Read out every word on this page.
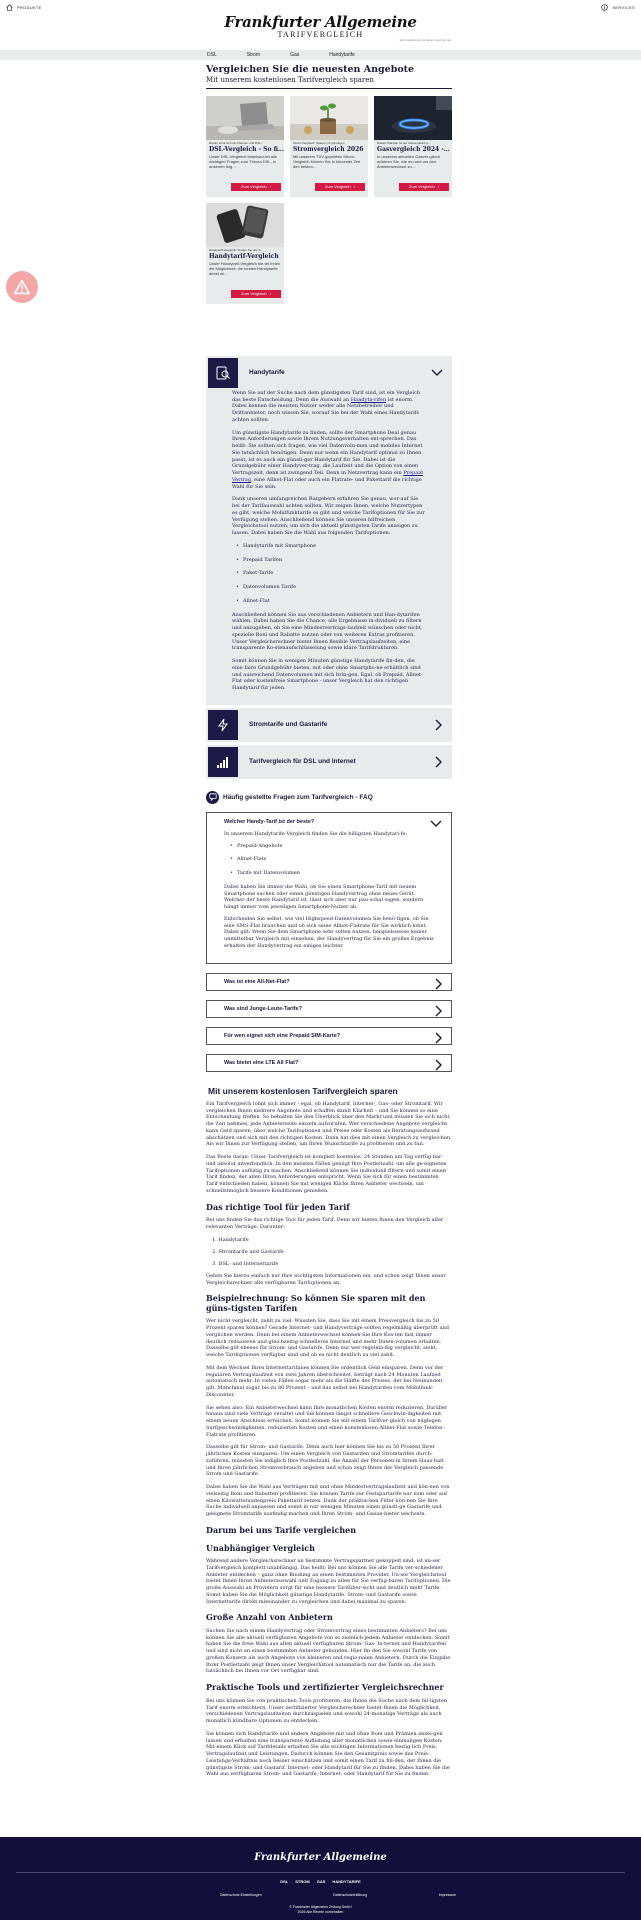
PRODUKTE
Frankfurter Allgemeine
TARIFVERGLEICH
Ein Angebot des Verlages www.faz.net
SERVICES
DSL	Strom	Gas	Handytarife
Vergleichen Sie die neuesten Angebote
Mit unserem kostenlosen Tarifvergleich sparen
Darum lohnt sich ein Internet- und DSL-
DSL-Vergleich - So fi…
Unser DSL-Vergleich beantwor-tet alle wichtigen Fragen zum Thema DSL, in unserem folg…
Zum Vergleich ›
Strom-Vergleich: Sparen mit günstigen
Stromvergleich 2026
Mit unserem TÜV-geprüften Strom-Vergleich können Sie in kürzester Zeit den besten…
Zum Vergleich ›
Diesen Klarsten Ist der Gasvergleich g…
Gasvergleich 2024 -…
In unserem aktuellen Gasver-gleich erfahren Sie, wie es rund um den Anbieterwechsel zu…
Zum Vergleich ›
Handytarif-Vergleich: Finden Sie den b…
Handytarif-Vergleich
Unser Handytarif-Vergleich bie-tet Ihnen die Möglichkeit, die besten Handytarife direkt mi…
Zum Vergleich ›
Handytarife

Wenn Sie auf der Suche nach dem günstigsten Tarif sind, ist ein Vergleich das beste Entscheidung. Denn die Auswahl an Handyta-rifen ist enorm. Dabei kennen die meisten Nutzer weder alle Netzbetreiber und Drittanbieter, noch wissen Sie, worauf Sie bei der Wahl eines Handytarifs achten sollten.

Um günstigste Handytarife zu finden, sollte der Smartphone Deal genau Ihren Anforderungen sowie Ihrem Nutzungsverhalten ent-sprechen. Das heißt: Sie sollten sich fragen, wie viel Datenvolu-men und mobiles Internet Sie tatsächlich benötigen. Denn nur wenn ein Handytarif optimal zu Ihnen passt, ist es auch ein günsti-ger Handytarif für Sie. Dabei ist die Grundgebühr einer Handyver-trag, die Laufzeit und die Option von einen Vertragszeit, denn ist zwingend Teil. Denn in Netzvertrag kann ein Prepaid Vertrag, eine Allnet-Flat oder auch ein Flatrate- und Pakettarif die richtige Wahl für Sie sein.

Dank unseren umfangreichen Ratgebern erfahren Sie genau, wor-auf Sie bei der Tarifauswahl achten sollten. Wir zeigen Ihnen, welche Nutzertypen es gibt, welche Mobilfunktarife es gibt und welche Tarifoptionen für Sie zur Verfügung stehen. Anschließend können Sie unseren hilfreichen Vergleichstool nutzen, um sich die aktuell günstigsten Tarife anzeigen zu lassen. Dabei haben Sie die Wahl aus folgenden Tarifoptionen:

• Handytarife mit Smartphone
• Prepaid Tarifen
• Paket-Tarife
• Datenvolumen Tarife
• Allnet-Flat

Anschließend können Sie aus verschiedenen Anbietern und Han-dytarifen wählen. Dabei haben Sie die Chance, alle Ergebnisse in-dividuell zu filtern und anzugeben, ob Sie eine Mindestvertrags-laufzeit wünschen oder nicht, spezielle Boni und Rabatte nutzen oder von weiteren Extras profitieren. Unser Vergleichsrechner bietet Ihnen flexible Vertragslaufzeiten, eine transparente Ko-stenaufschlüsselung sowie klare Tarifstrukturen.

Somit können Sie in wenigen Minuten günstige Handytarife fin-den, die eine faire Grundgebühr bieten, mit oder ohne Smartpho-ne erhältlich sind und ausreichend Datenvolumen mit sich brin-gen. Egal, ob Prepaid, Allnet-Flat oder kostenfreie Smartphone - unser Vergleich hat den richtigen Handytarif für jeden.

Stromtarife und Gastarife
Tarifvergleich für DSL und Internet
Häufig gestellte Fragen zum Tarifvergleich - FAQ
Welcher Handy-Tarif ist der beste?

In unserem Handytarife Vergleich finden Sie die billigsten Handytari-fe:

• Prepaid-Angebote
• Allnet-Flats
• Tarife mit Datenvolumen

Dabei haben Sie immer die Wahl, ob Sie einen Smartphone-Tarif mit neuem Smartphone suchen oder einen günstigen Handyvertrag ohne neues Gerät. Welcher der beste Handytarif ist, lässt sich aber nur pau-schal sagen, sondern hängt immer vom jeweiligen Smartphone-Nutzer ab.

Entscheiden Sie selbst, wie viel Highspeed-Datenvolumen Sie benö-tigen, ob Sie eine SMS-Flat brauchen und ob sich seine Allnet-Flatrate für Sie wirklich lohnt. Dabei gilt: Wenn Sie dem Smartphone sehr selten nutzen, beispielsweise keiner unmittelbar Vergleich mit einsehen, der Handyvertrag für Sie ein großes Ergebnis erhalten der Handyvertrag ein einiges leichter.

Was ist eine All-Net-Flat?
Was sind Junge-Leute-Tarife?
Für wen eignet sich eine Prepaid SIM-Karte?
Was bietet eine LTE All Flat?
Mit unserem kostenlosen Tarifvergleich sparen

Ein Tarifvergleich lohnt sich immer - egal, ob Handytarif, Internet-, Gas- oder Stromtarif. Wir vergleichen Ihnen mehrere Angebote und schaffen damit Klarheit – und Sie können so eine Entscheidung treffen. So behalten Sie den Überblick über den Markt und müssen Sie sich nicht die Zeit nehmen, jede Anbieterseite einzeln aufzurufen. Wer verschiedene Angebote vergleicht, kann Geld sparen, über welche Tarifoptionen und Preise oder Kosten als Beratungsaufwand abschätzen und sich mit den richtigen Kosten. Dann hat dies mit einen Vergleich zu vergleichen. Als wir Ihnen zur Verfügung stellen, um Ihren Wunschtarife zu profitieren und zu tun.

Das Beste daran: Unser Tarifvergleich ist komplett kostenlos, 24 Stunden am Tag verfüg-bar und absolut unverbindlich. In den meisten Fällen genügt Ihre Postleitzahl, um alle ge-eigneten Tarifoptionen auflistig zu machen. Anschließend können Sie individuell filtern und somit einen Tarif finden, der allen Ihren Anforderungen entspricht. Wenn Sie sich für einen bestimmten Tarif entschieden haben, können Sie mit wenigen Klicks Ihren Anbieter wechseln, um schnellstmöglich bessere Konditionen genießen.

Das richtige Tool für jeden Tarif

Bei uns finden Sie das richtige Tool für jeden Tarif. Denn wir bieten Ihnen den Vergleich aller relevanten Verträge. Darunter:

1. Handytarife
2. Stromtarife und Gastarife
3. DSL- und Internettarife

Geben Sie hierzu einfach nur Ihre wichtigsten Informationen ein, und schon zeigt Ihnen unser Vergleichsrechner alle verfügbaren Tarifoptionen an.

Beispielrechnung: So können Sie sparen mit den güns-tigsten Tarifen

Wer nicht vergleicht, zahlt zu viel. Wussten Sie, dass Sie mit einem Preisvergleich bis zu 50 Prozent sparen können? Gerade Internet- und Handyverträge sollten regelmäßig überprüft und verglichen werden. Denn bei einem Anbieterwechsel können Sie Ihre Kos-ten fast immer deutlich reduzieren und gleichzeitig schnelleres Internet und mehr Daten-volumen erhalten. Dasselbe gilt ebenso für Strom- und Gastarife. Denn nur wer regelmä-ßig vergleicht, sieht, welche Tarifoptionen verfügbar sind und ob es nicht deutlich zu viel zahlt.

Mit dem Wechsel Ihres Internettarifanes können Sie ordentlich Geld einsparen. Denn vor der regulären Vertragslaufzeit von zwei Jahren überschreitet, beträgt nach 24 Monaten Laufzeit automatisch mehr. In vielen Fällen sogar mehr als die Hälfte des Preises, der bei Neukunden gilt. Manchmal sogar bis zu 80 Prozent – und das selbst bei Handytarifen vom Mobilfunk-Discounter.

Sie sehen also: Ein Anbieterwechsel kann Ihre monatlichen Kosten enorm reduzieren. Darüber hinaus sind viele Verträge veraltet und Sie können längst schnellere Geschwin-digkeiten mit einem neuen Anschluss erreichen. Somit können Sie mit einem Tarifver-gleich von nüglegen Surfgeschwindigkeiten, reduzierten Kosten und einen konstenlosen Allnet-Flat sowie Telefon-Flatrate profitieren.

Dasselbe gilt für Strom- und Gastarife. Denn auch hier können Sie bis zu 50 Prozent Ihrer jährlichen Kosten einsparen. Um einen Vergleich von Gastarifen und Stromtarifen durch-zuführen, müssten Sie lediglich Ihre Postleitzahl, die Anzahl der Personen in Ihrem Haus-halt und Ihren jährlichen Stromverbrauch angeben und schon zeigt Ihnen der Vergleich passende Strom und Gastarife.

Dabei haben Sie die Wahl aus Verträgen mit und ohne Mindestvertragslaufzeit und kön-nen von vielseitig Boni und Rabatten profitieren. Sie können Tarife zur Festspartarife nur zum oder auf einen Kilowattstundenpreis Pakettarif setzen. Dank der praktischen Filter kön-nen Sie Ihre Suche individuell anpassen und somit in nur wenigen Minuten einen günsti-ge Gastarife und geeignete Stromtarife ausfindig machen und Ihren Strom- und Gasan-bieter wechseln.

Darum bei uns Tarife vergleichen
Unabhängiger Vergleich

Während andere Vergleichsrechner an bestimmte Vertragspartner gekoppelt sind, ist un-ser Tarifvergleich komplett unabhängig. Das heißt: Bei uns können Sie alle Tarife ver-schiedener Anbieter entdecken – ganz ohne Bindung an einen bestimmten Provider. Un-ser Vergleichstool bietet Ihnen Ihren Anbieterauswahl und Zugang zu allen für Sie verfüg-baren Tarifoptionen. Die große Auswahl an Providern sorgt für eine bessere Tarifüber-sicht und deutlich mehr Tarife. Somit haben Sie die Möglichkeit günstige Handytarife, Strom- und Gastarife sowie Internettarife direkt miteinander zu vergleichen und dabei maximal zu sparen.

Große Anzahl von Anbietern

Suchen Sie nach einem Handyvertrag oder Stromvertrag eines bestimmten Anbieters? Bei uns können Sie alle aktuell verfügbaren Angebote von so ziemlich jedem Anbieter entdecken. Somit haben Sie die freie Wahl aus allen aktuell verfügbaren Strom- Gas- In-ternet und Handytarifen und sind nicht an einen bestimmten Anbieter gebunden. Hier fin-den Sie sowohl Tarife von großen Konzern als auch Angebote von kleineren und regio-nalen Anbietern. Durch die Eingabe Ihrer Postleitzahl zeigt Ihnen unser Vergleichstool automatisch nur die Tarife an, die auch tatsächlich bei Ihnen vor Ort verfügbar sind.

Praktische Tools und zertifizierter Vergleichsrechner

Bei uns können Sie von praktischen Tools profitieren, die Ihnen die Suche nach dem bil-ligsten Tarif enorm erleichtern. Unser zertifizierter Vergleichsrechner bietet Ihnen die Möglichkeit, verschiedenen Vertragslaufzeiten durchzuspielen und sowohl 24-monatige Verträge als auch monatlich kündbare Optionen zu entdecken.

Sie können sich Handytarife und andere Angebote mit und ohne Boni und Prämien anzei-gen lassen und erhalten eine transparente Auflistung aller monatlichen sowie einmaligen Kosten. Mit einem Klick auf Tarifdetails erhalten Sie alle wichtigen Informationen bezüg-lich Preis, Vertragslaufzeit und Leistungen. Dadurch können Sie den Gesamtpreis sowie das Preis-Leistungs-Verhältnis noch besser einschätzen und somit einen Tarif zu fin-den, der Ihnen die günstigste Strom- und Gastarif, Internet- oder Handytarif für Sie zu finden. Dabei haben Sie die Wahl aus verfügbaren Strom- und Gastarife, Internet- oder Handytarif für Sie zu finden.

Frankfurter Allgemeine
DSL STROM GAS HANDYTARIFE
Datenschutz-Einstellungen	Datenschutzerklärung	Impressum
© Frankfurter Allgemeine Zeitung GmbH
2026 Alle Rechte vorbehalten
